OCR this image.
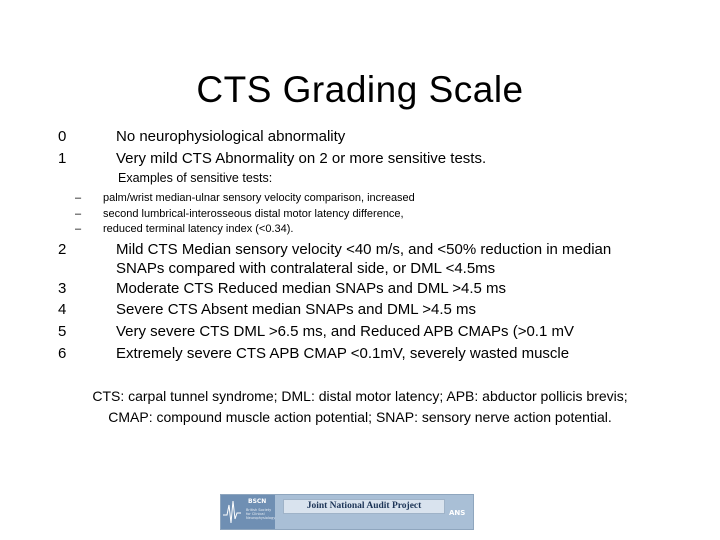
CTS Grading Scale
0	No neurophysiological abnormality
1	Very mild CTS Abnormality on 2 or more sensitive tests.
Examples of sensitive tests:
–	palm/wrist median-ulnar sensory velocity comparison, increased
–	second lumbrical-interosseous distal motor latency difference,
–	reduced terminal latency index (<0.34).
2	Mild CTS Median sensory velocity <40 m/s, and <50% reduction in median
SNAPs compared with contralateral side, or DML <4.5ms
3	Moderate CTS Reduced median SNAPs and DML >4.5 ms
4	Severe CTS Absent median SNAPs and DML >4.5 ms
5	Very severe CTS DML >6.5 ms, and Reduced APB CMAPs (>0.1 mV
6	Extremely severe CTS APB CMAP <0.1mV, severely wasted muscle
CTS: carpal tunnel syndrome; DML: distal motor latency; APB: abductor pollicis brevis;
CMAP: compound muscle action potential; SNAP: sensory nerve action potential.
BSCN
British Society for Clinical Neurophysiology
Joint National Audit Project
ANS
